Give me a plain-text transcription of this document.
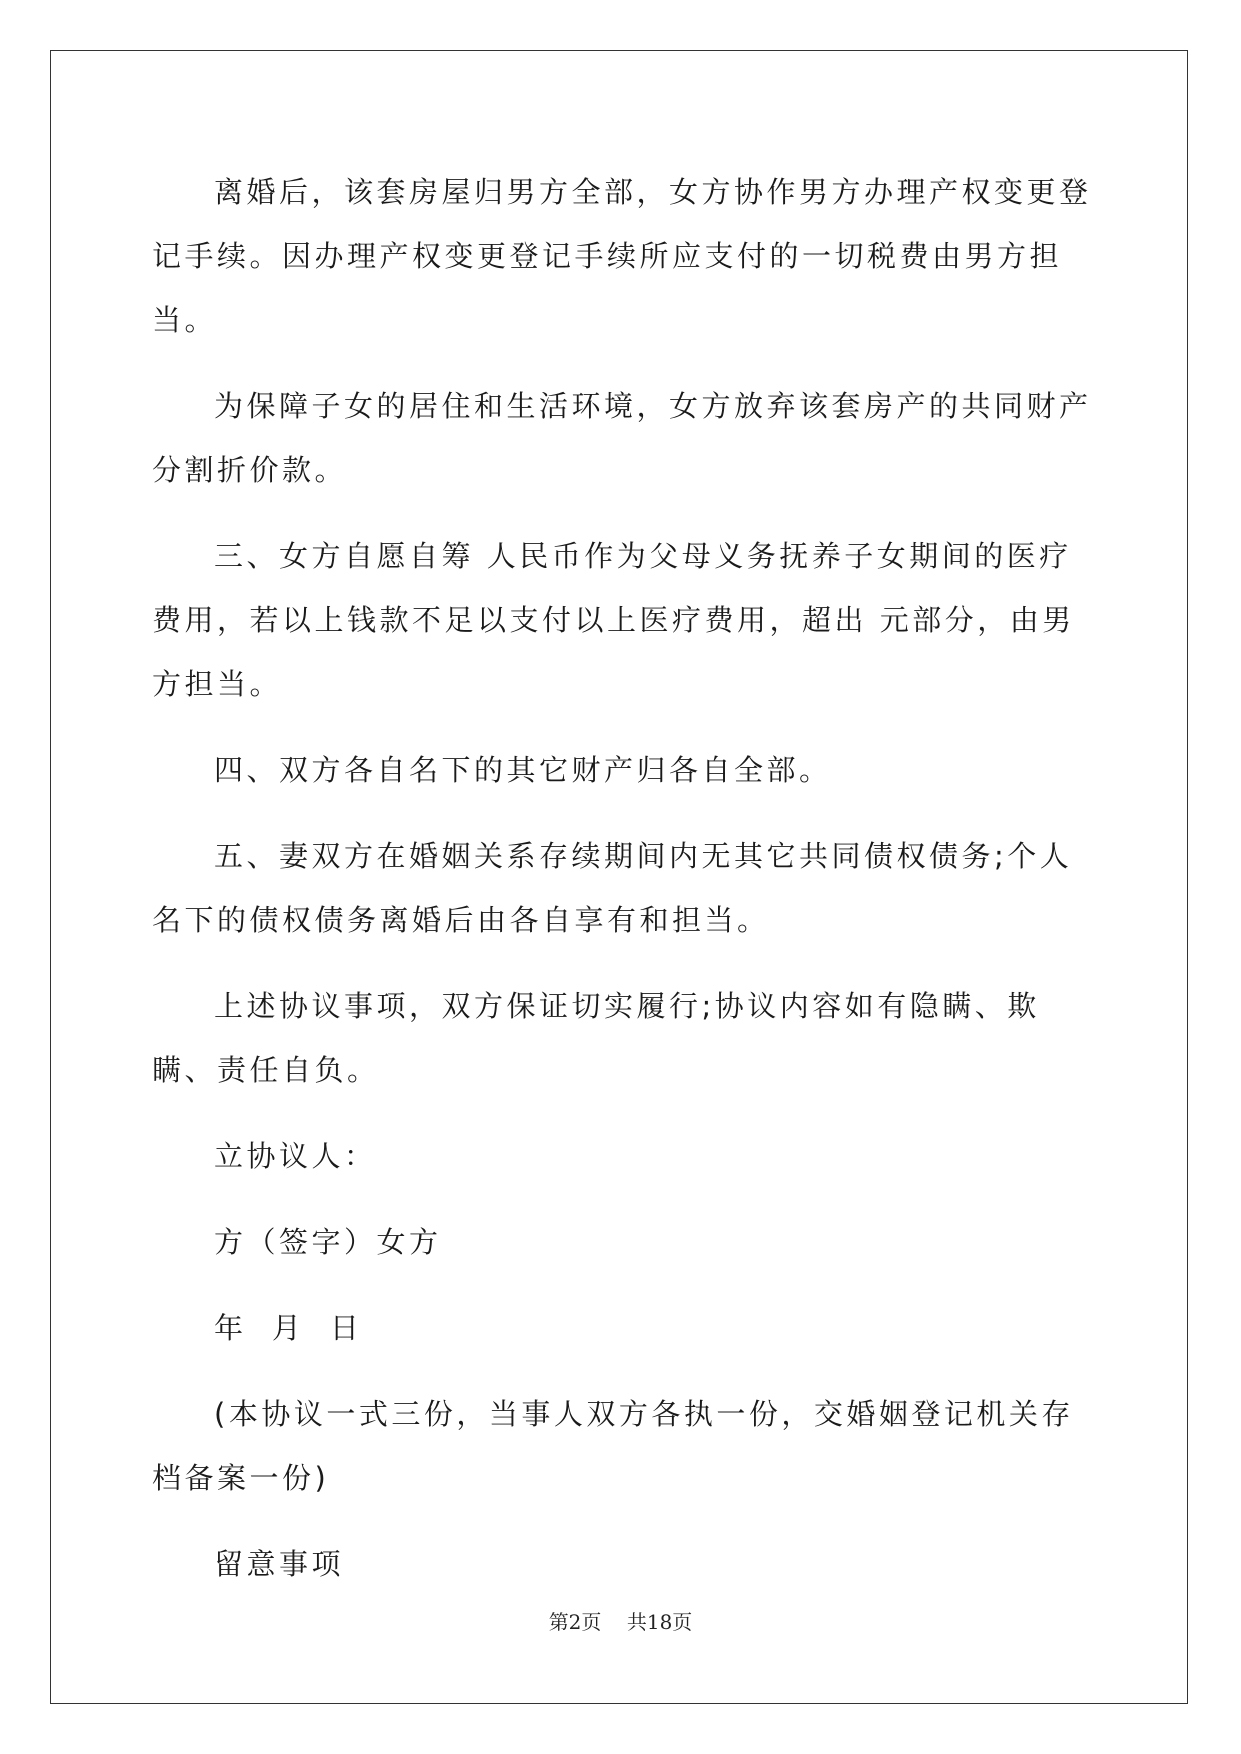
离婚后，该套房屋归男方全部，女方协作男方办理产权变更登记手续。因办理产权变更登记手续所应支付的一切税费由男方担当。

为保障子女的居住和生活环境，女方放弃该套房产的共同财产分割折价款。

三、女方自愿自筹 人民币作为父母义务抚养子女期间的医疗费用，若以上钱款不足以支付以上医疗费用，超出 元部分，由男方担当。

四、双方各自名下的其它财产归各自全部。

五、妻双方在婚姻关系存续期间内无其它共同债权债务;个人名下的债权债务离婚后由各自享有和担当。

上述协议事项，双方保证切实履行;协议内容如有隐瞒、欺瞒、责任自负。

立协议人：

方（签字）女方

年  月  日

(本协议一式三份，当事人双方各执一份，交婚姻登记机关存档备案一份)

留意事项

第2页    共18页
